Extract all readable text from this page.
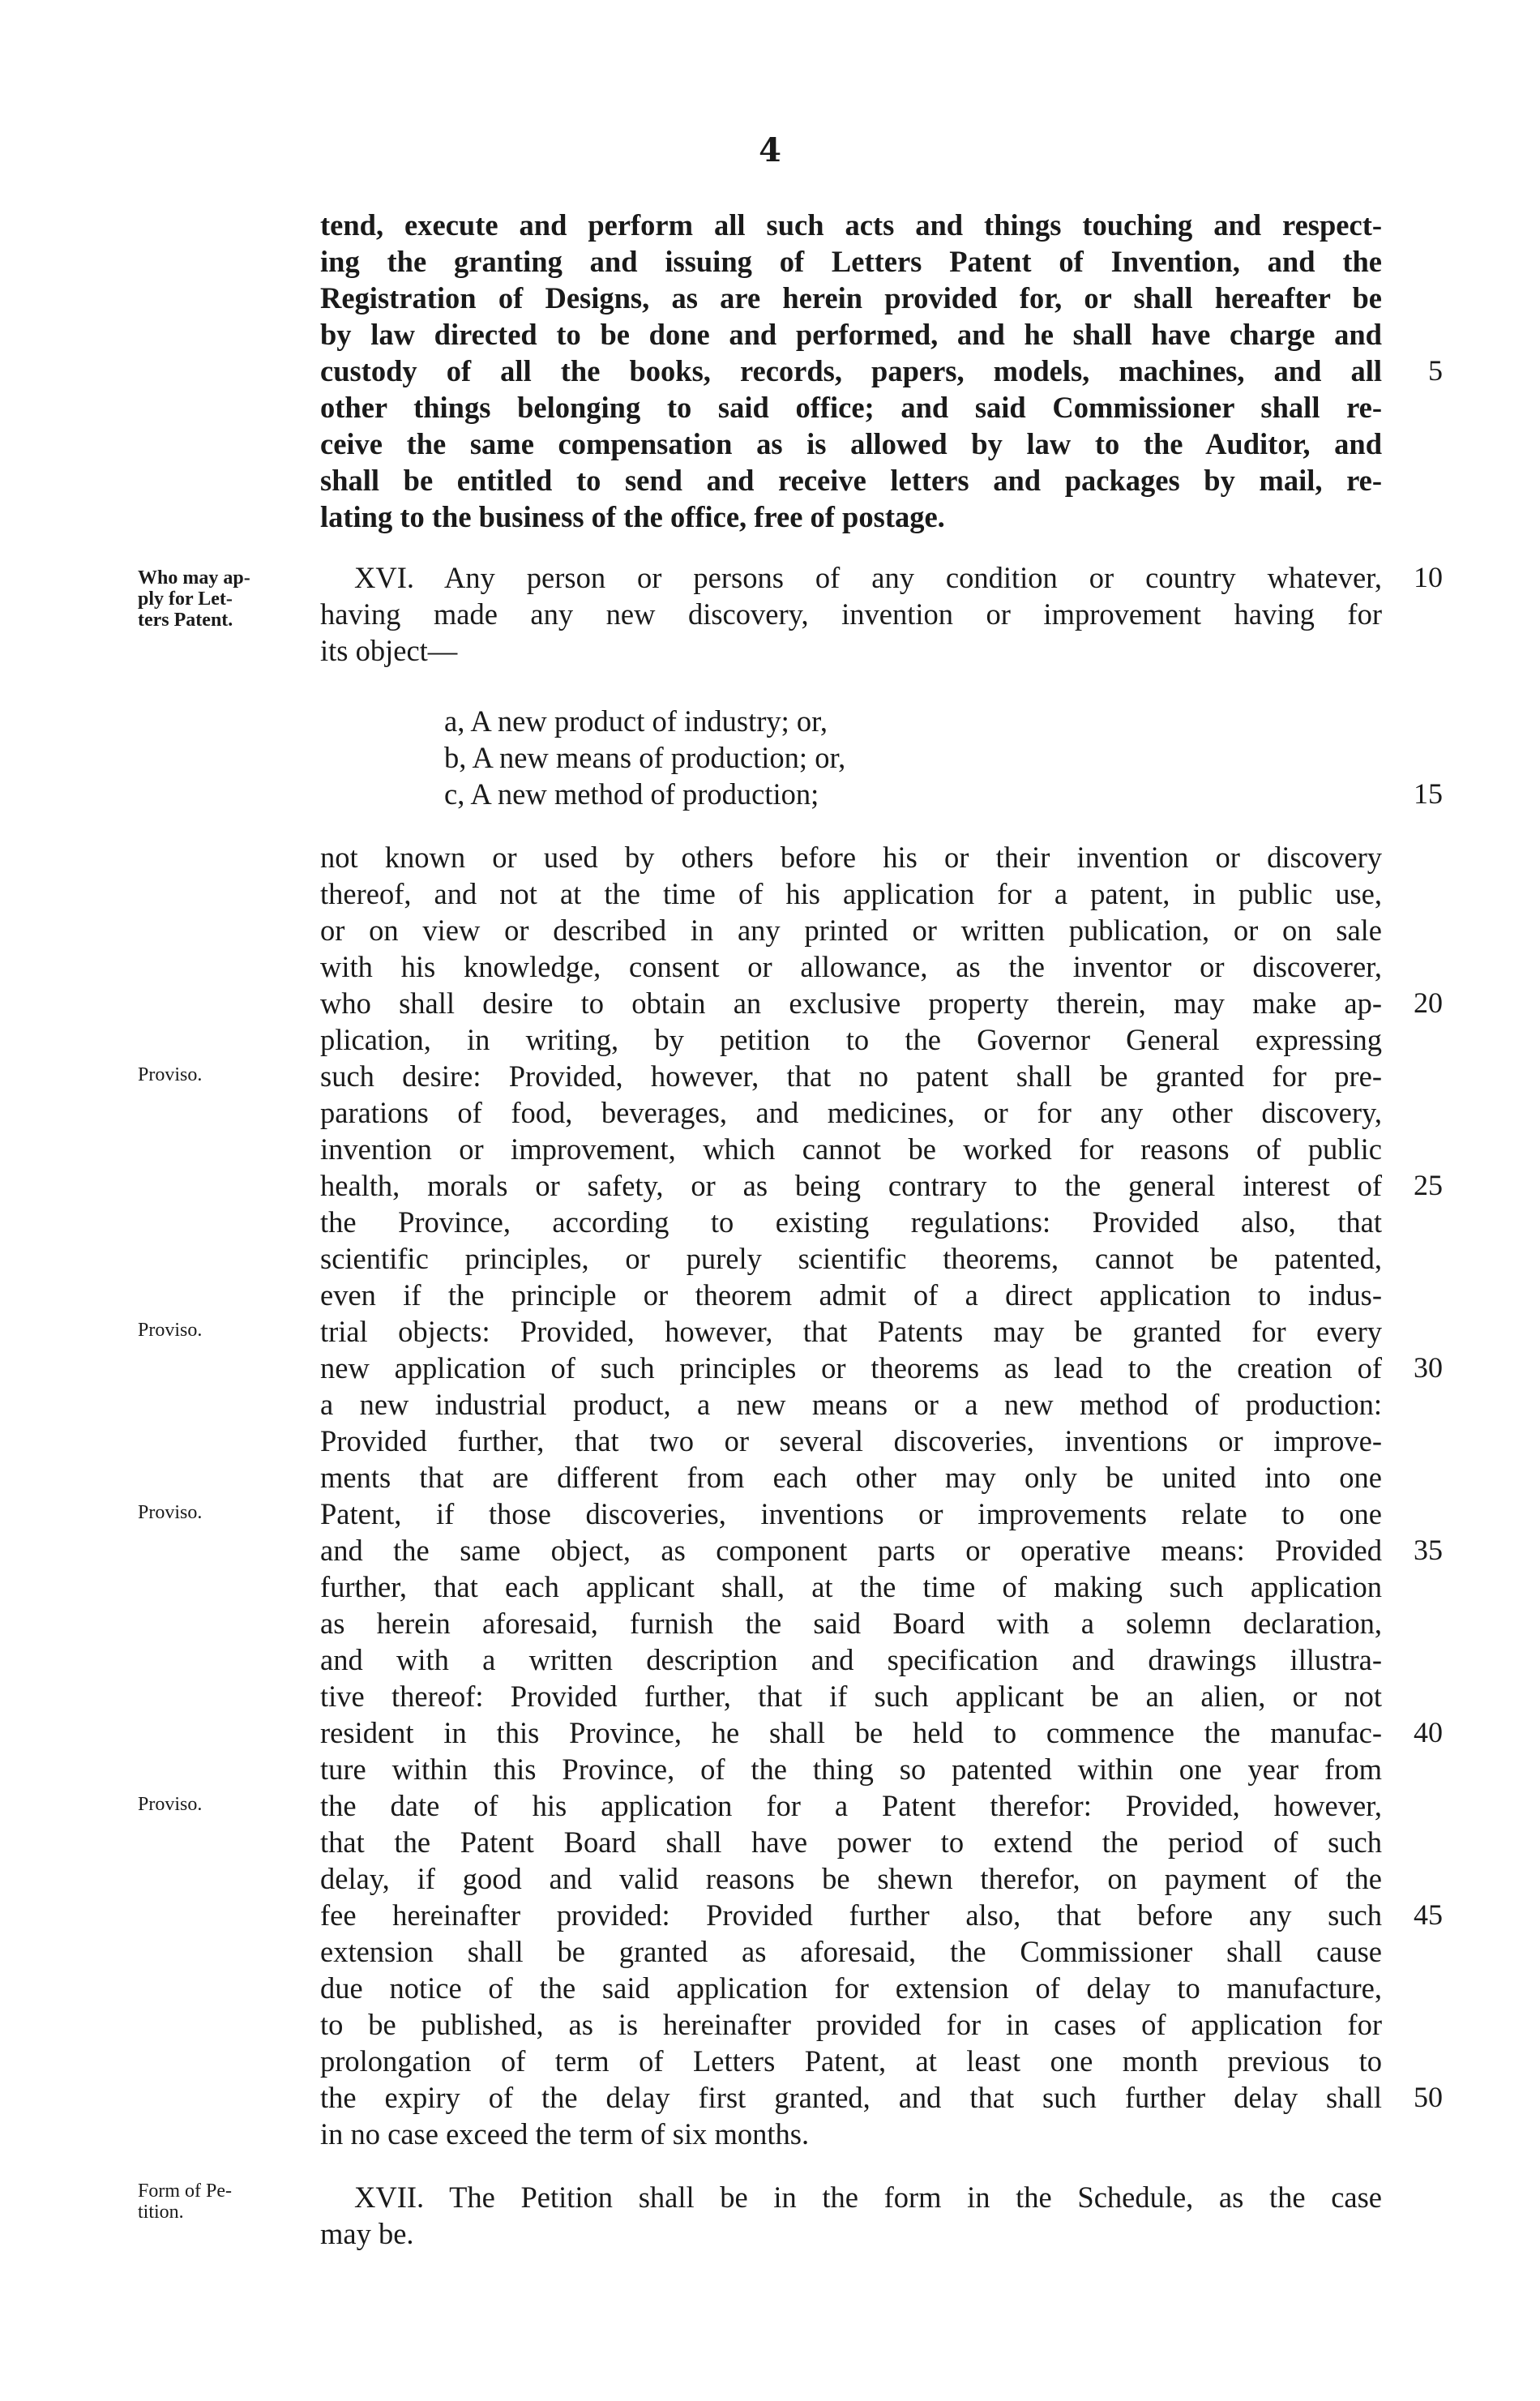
4
tend, execute and perform all such acts and things touching and respect-
ing the granting and issuing of Letters Patent of Invention, and the
Registration of Designs, as are herein provided for, or shall hereafter be
by law directed to be done and performed, and he shall have charge and
custody of all the books, records, papers, models, machines, and all
other things belonging to said office; and said Commissioner shall re-
ceive the same compensation as is allowed by law to the Auditor, and
shall be entitled to send and receive letters and packages by mail, re-
lating to the business of the office, free of postage.
XVI. Any person or persons of any condition or country whatever,
having made any new discovery, invention or improvement having for
its object—
a, A new product of industry; or,
b, A new means of production; or,
c, A new method of production;
not known or used by others before his or their invention or discovery
thereof, and not at the time of his application for a patent, in public use,
or on view or described in any printed or written publication, or on sale
with his knowledge, consent or allowance, as the inventor or discoverer,
who shall desire to obtain an exclusive property therein, may make ap-
plication, in writing, by petition to the Governor General expressing
such desire: Provided, however, that no patent shall be granted for pre-
parations of food, beverages, and medicines, or for any other discovery,
invention or improvement, which cannot be worked for reasons of public
health, morals or safety, or as being contrary to the general interest of
the Province, according to existing regulations: Provided also, that
scientific principles, or purely scientific theorems, cannot be patented,
even if the principle or theorem admit of a direct application to indus-
trial objects: Provided, however, that Patents may be granted for every
new application of such principles or theorems as lead to the creation of
a new industrial product, a new means or a new method of production:
Provided further, that two or several discoveries, inventions or improve-
ments that are different from each other may only be united into one
Patent, if those discoveries, inventions or improvements relate to one
and the same object, as component parts or operative means: Provided
further, that each applicant shall, at the time of making such application
as herein aforesaid, furnish the said Board with a solemn declaration,
and with a written description and specification and drawings illustra-
tive thereof: Provided further, that if such applicant be an alien, or not
resident in this Province, he shall be held to commence the manufac-
ture within this Province, of the thing so patented within one year from
the date of his application for a Patent therefor: Provided, however,
that the Patent Board shall have power to extend the period of such
delay, if good and valid reasons be shewn therefor, on payment of the
fee hereinafter provided: Provided further also, that before any such
extension shall be granted as aforesaid, the Commissioner shall cause
due notice of the said application for extension of delay to manufacture,
to be published, as is hereinafter provided for in cases of application for
prolongation of term of Letters Patent, at least one month previous to
the expiry of the delay first granted, and that such further delay shall
in no case exceed the term of six months.
XVII. The Petition shall be in the form in the Schedule, as the case
may be.
5
10
15
20
25
30
35
40
45
50
Who may ap-
ply for Let-
ters Patent.
Proviso.
Proviso.
Proviso.
Proviso.
Form of Pe-
tition.
